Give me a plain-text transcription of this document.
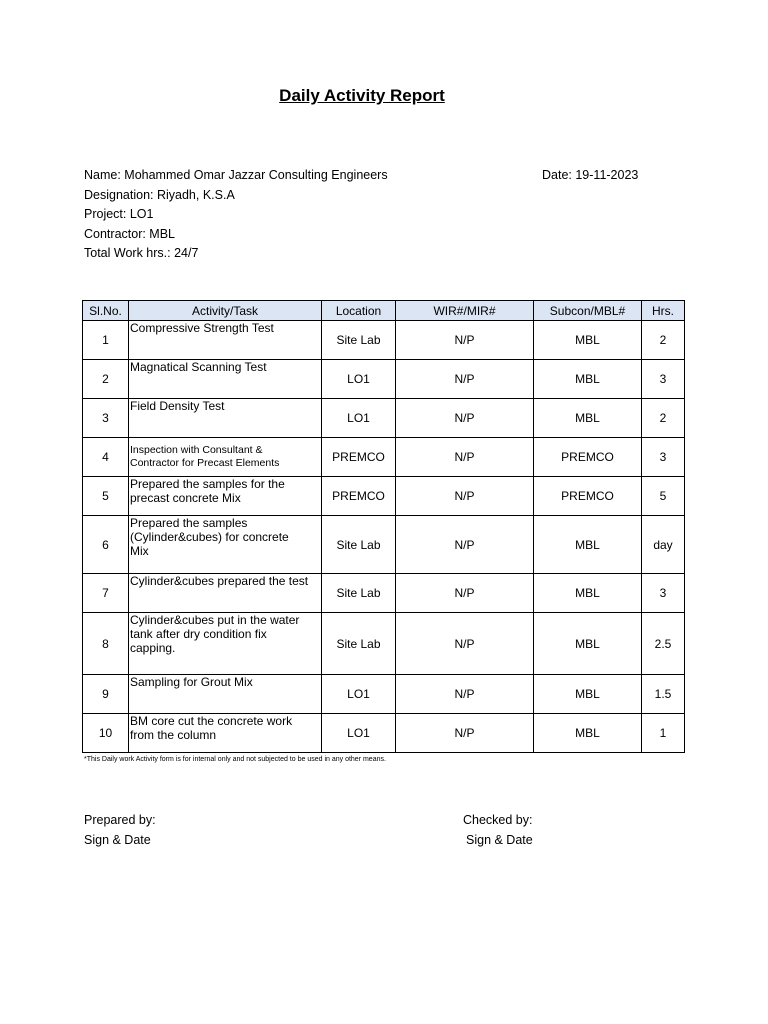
Daily Activity Report
Name: Mohammed Omar Jazzar Consulting Engineers
Designation: Riyadh, K.S.A
Project: LO1
Contractor: MBL
Total Work hrs.: 24/7
Date: 19-11-2023
Sl.No.	Activity/Task	Location	WIR#/MIR#	Subcon/MBL#	Hrs.
1	Compressive Strength Test	Site Lab	N/P	MBL	2
2	Magnatical Scanning Test	LO1	N/P	MBL	3
3	Field Density Test	LO1	N/P	MBL	2
4	Inspection with Consultant &
Contractor for Precast Elements	PREMCO	N/P	PREMCO	3
5	Prepared the samples for the
precast concrete Mix	PREMCO	N/P	PREMCO	5
6	Prepared the samples
(Cylinder&cubes) for concrete
Mix	Site Lab	N/P	MBL	day
7	Cylinder&cubes prepared the test	Site Lab	N/P	MBL	3
8	Cylinder&cubes put in the water
tank after dry condition fix
capping.	Site Lab	N/P	MBL	2.5
9	Sampling for Grout Mix	LO1	N/P	MBL	1.5
10	BM core cut the concrete work
from the column	LO1	N/P	MBL	1
*This Daily work Activity form is for internal only and not subjected to be used in any other means.
Prepared by:
Sign & Date
Checked by:
Sign & Date
